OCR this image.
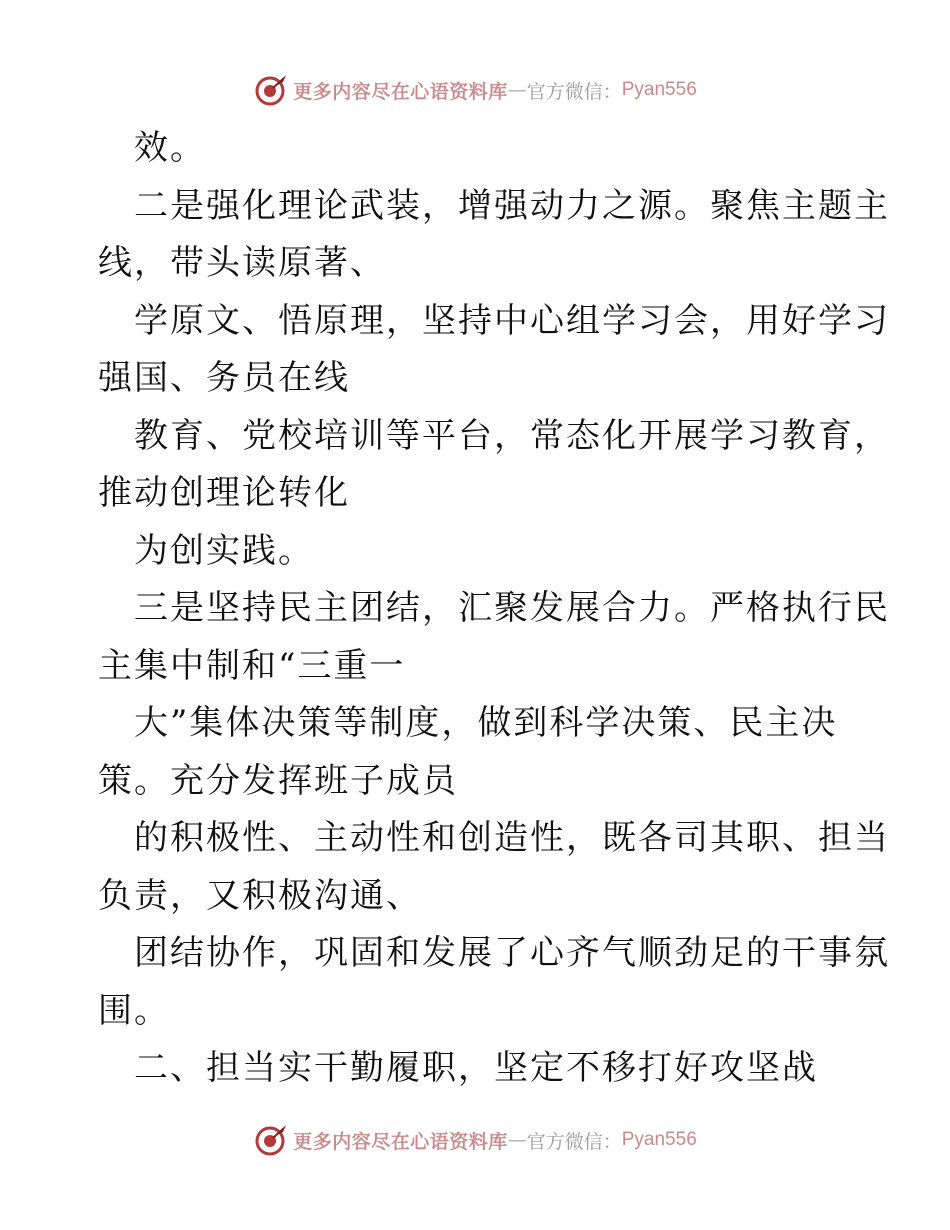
更多内容尽在心语资料库 — 官方微信： Pyan556
效。
二是强化理论武装，增强动力之源。聚焦主题主
线，带头读原著、
学原文、悟原理，坚持中心组学习会，用好学习
强国、务员在线
教育、党校培训等平台，常态化开展学习教育，
推动创理论转化
为创实践。
三是坚持民主团结，汇聚发展合力。严格执行民
主集中制和“三重一
大”集体决策等制度，做到科学决策、民主决
策。充分发挥班子成员
的积极性、主动性和创造性，既各司其职、担当
负责，又积极沟通、
团结协作，巩固和发展了心齐气顺劲足的干事氛
围。
二、担当实干勤履职，坚定不移打好攻坚战
更多内容尽在心语资料库 — 官方微信： Pyan556
